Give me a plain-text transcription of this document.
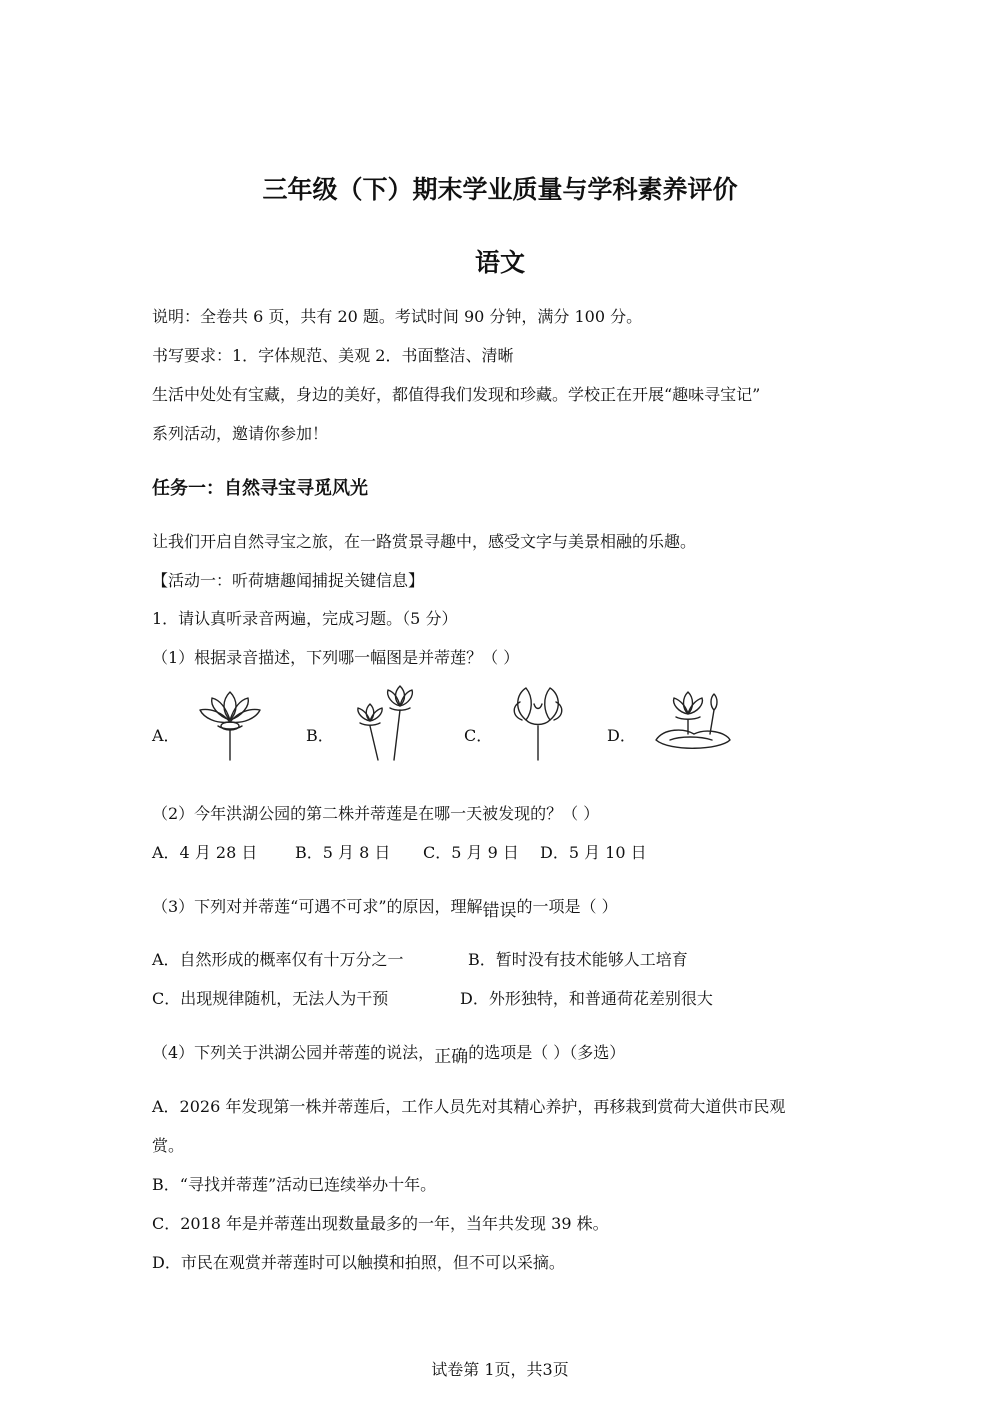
三年级（下）期末学业质量与学科素养评价
语文
说明：全卷共 6 页，共有 20 题。考试时间 90 分钟，满分 100 分。
书写要求：1．字体规范、美观 2．书面整洁、清晰
生活中处处有宝藏，身边的美好，都值得我们发现和珍藏。学校正在开展“趣味寻宝记”
系列活动，邀请你参加！
任务一：自然寻宝寻觅风光
让我们开启自然寻宝之旅，在一路赏景寻趣中，感受文字与美景相融的乐趣。
【活动一：听荷塘趣闻捕捉关键信息】
1．请认真听录音两遍，完成习题。（5 分）
（1）根据录音描述，下列哪一幅图是并蒂莲？（ ）
A．	B．	C．	D．
（2）今年洪湖公园的第二株并蒂莲是在哪一天被发现的？（ ）
A．4 月 28 日 B．5 月 8 日 C．5 月 9 日 D．5 月 10 日
（3）下列对并蒂莲“可遇不可求”的原因，理解错误的一项是（ ）
A．自然形成的概率仅有十万分之一	B．暂时没有技术能够人工培育
C．出现规律随机，无法人为干预	D．外形独特，和普通荷花差别很大
（4）下列关于洪湖公园并蒂莲的说法，正确的选项是（ ）（多选）
A．2026 年发现第一株并蒂莲后，工作人员先对其精心养护，再移栽到赏荷大道供市民观
赏。
B．“寻找并蒂莲”活动已连续举办十年。
C．2018 年是并蒂莲出现数量最多的一年，当年共发现 39 株。
D．市民在观赏并蒂莲时可以触摸和拍照，但不可以采摘。
试卷第 1页，共3页
